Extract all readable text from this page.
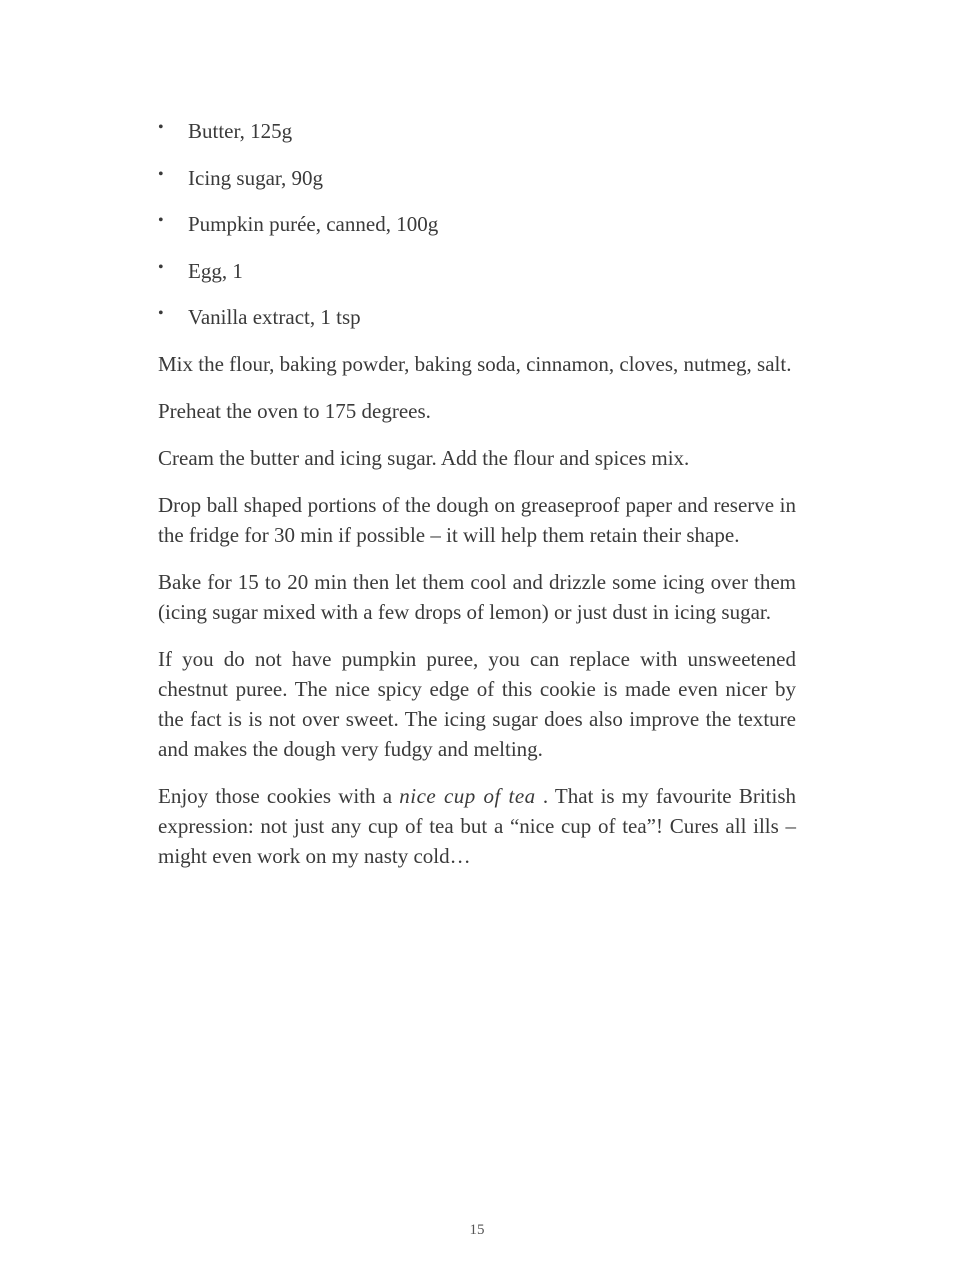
• Butter, 125g
• Icing sugar, 90g
• Pumpkin purée, canned, 100g
• Egg, 1
• Vanilla extract, 1 tsp

Mix the flour, baking powder, baking soda, cinnamon, cloves, nutmeg, salt.

Preheat the oven to 175 degrees.

Cream the butter and icing sugar. Add the flour and spices mix.

Drop ball shaped portions of the dough on greaseproof paper and reserve in the fridge for 30 min if possible – it will help them retain their shape.

Bake for 15 to 20 min then let them cool and drizzle some icing over them (icing sugar mixed with a few drops of lemon) or just dust in icing sugar.

If you do not have pumpkin puree, you can replace with unsweetened chestnut puree. The nice spicy edge of this cookie is made even nicer by the fact is is not over sweet. The icing sugar does also improve the texture and makes the dough very fudgy and melting.

Enjoy those cookies with a nice cup of tea . That is my favourite British expression: not just any cup of tea but a “nice cup of tea”! Cures all ills – might even work on my nasty cold…

15
